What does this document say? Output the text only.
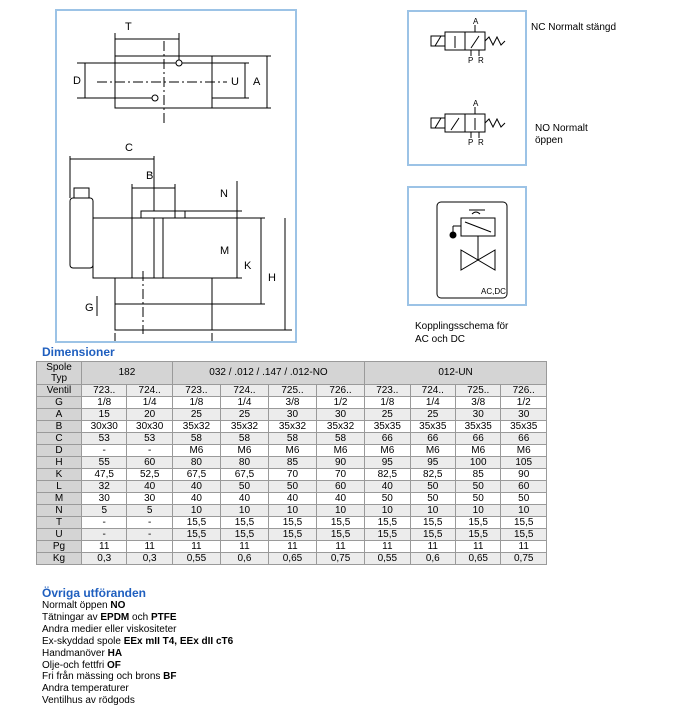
T
D	U A
C
B
N
M
K
H
G
A
P R
A
P R
NC Normalt stängd
NO Normalt
öppen
AC,DC
Kopplingsschema för
AC och DC
Dimensioner
Spole
Typ	182		032 / .012 / .147 / .012-NO				012-UN			
Ventil	723..	724..	723..	724..	725..	726..	723..	724..	725..	726..
G	1/8	1/4	1/8	1/4	3/8	1/2	1/8	1/4	3/8	1/2
A	15	20	25	25	30	30	25	25	30	30
B	30x30	30x30	35x32	35x32	35x32	35x32	35x35	35x35	35x35	35x35
C	53	53	58	58	58	58	66	66	66	66
D	-	-	M6	M6	M6	M6	M6	M6	M6	M6
H	55	60	80	80	85	90	95	95	100	105
K	47,5	52,5	67,5	67,5	70	70	82,5	82,5	85	90
L	32	40	40	50	50	60	40	50	50	60
M	30	30	40	40	40	40	50	50	50	50
N	5	5	10	10	10	10	10	10	10	10
T	-	-	15,5	15,5	15,5	15,5	15,5	15,5	15,5	15,5
U	-	-	15,5	15,5	15,5	15,5	15,5	15,5	15,5	15,5
Pg	11	11	11	11	11	11	11	11	11	11
Kg	0,3	0,3	0,55	0,6	0,65	0,75	0,55	0,6	0,65	0,75
Övriga utföranden
Normalt öppen NO
Tätningar av EPDM och PTFE
Andra medier eller viskositeter
Ex-skyddad spole EEx mII T4, EEx dII cT6
Handmanöver HA
Olje-och fettfri OF
Fri från mässing och brons BF
Andra temperaturer
Ventilhus av rödgods
